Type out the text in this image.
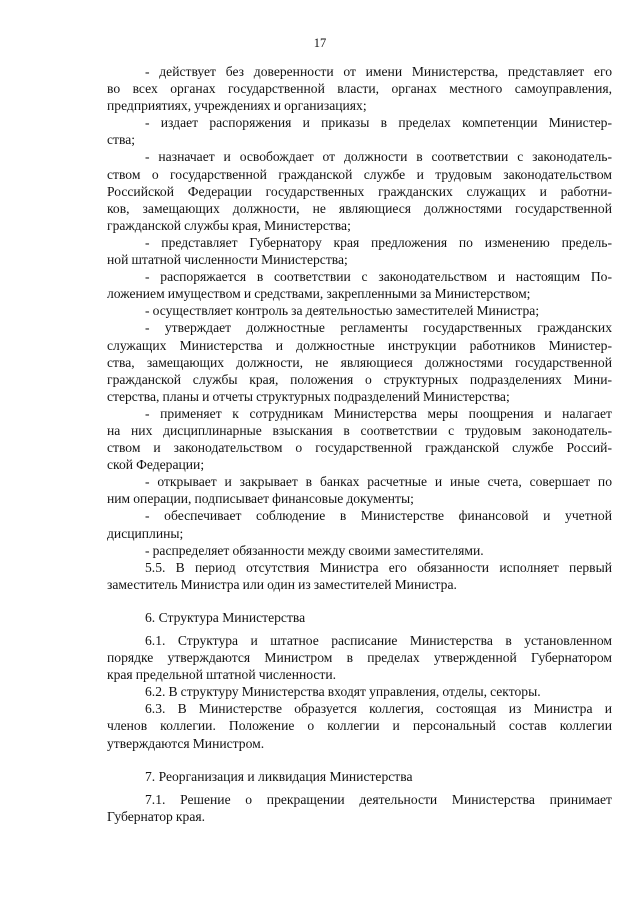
17

- действует без доверенности от имени Министерства, представляет его
во всех органах государственной власти, органах местного самоуправления,
предприятиях, учреждениях и организациях;

- издает распоряжения и приказы в пределах компетенции Министер-
ства;

- назначает и освобождает от должности в соответствии с законодатель-
ством о государственной гражданской службе и трудовым законодательством
Российской Федерации государственных гражданских служащих и работни-
ков, замещающих должности, не являющиеся должностями государственной
гражданской службы края, Министерства;

- представляет Губернатору края предложения по изменению предель-
ной штатной численности Министерства;

- распоряжается в соответствии с законодательством и настоящим По-
ложением имуществом и средствами, закрепленными за Министерством;

- осуществляет контроль за деятельностью заместителей Министра;

- утверждает должностные регламенты государственных гражданских
служащих Министерства и должностные инструкции работников Министер-
ства, замещающих должности, не являющиеся должностями государственной
гражданской службы края, положения о структурных подразделениях Мини-
стерства, планы и отчеты структурных подразделений Министерства;

- применяет к сотрудникам Министерства меры поощрения и налагает
на них дисциплинарные взыскания в соответствии с трудовым законодатель-
ством и законодательством о государственной гражданской службе Россий-
ской Федерации;

- открывает и закрывает в банках расчетные и иные счета, совершает по
ним операции, подписывает финансовые документы;

- обеспечивает соблюдение в Министерстве финансовой и учетной
дисциплины;

- распределяет обязанности между своими заместителями.

5.5. В период отсутствия Министра его обязанности исполняет первый
заместитель Министра или один из заместителей Министра.

6. Структура Министерства

6.1. Структура и штатное расписание Министерства в установленном
порядке утверждаются Министром в пределах утвержденной Губернатором
края предельной штатной численности.

6.2. В структуру Министерства входят управления, отделы, секторы.

6.3. В Министерстве образуется коллегия, состоящая из Министра и
членов коллегии. Положение о коллегии и персональный состав коллегии
утверждаются Министром.

7. Реорганизация и ликвидация Министерства

7.1. Решение о прекращении деятельности Министерства принимает
Губернатор края.
